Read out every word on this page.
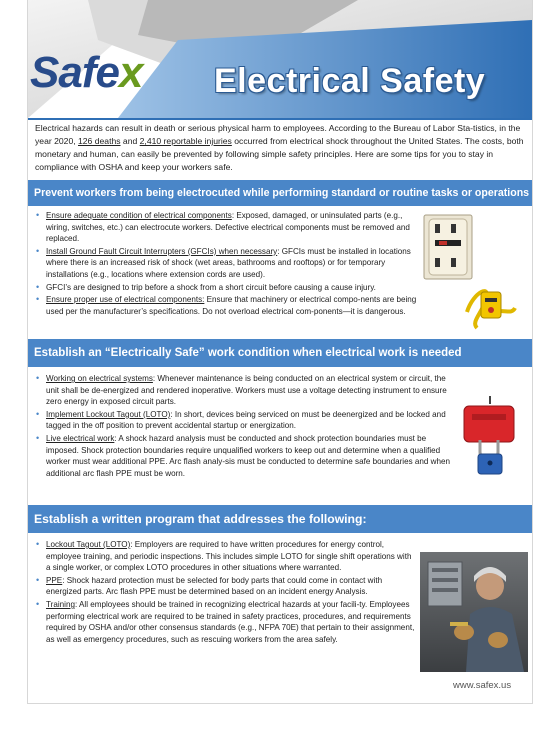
Safex Electrical Safety
Electrical hazards can result in death or serious physical harm to employees. According to the Bureau of Labor Sta-tistics, in the year 2020, 126 deaths and 2,410 reportable injuries occurred from electrical shock throughout the United States. The costs, both monetary and human, can easily be prevented by following simple safety principles. Here are some tips for you to stay in compliance with OSHA and keep your workers safe.
Prevent workers from being electrocuted while performing standard or routine tasks or operations
• Ensure adequate condition of electrical components: Exposed, damaged, or uninsulated parts (e.g., wiring, switches, etc.) can electrocute workers. Defective electrical components must be removed and replaced.
• Install Ground Fault Circuit Interrupters (GFCIs) when necessary: GFCIs must be installed in locations where there is an increased risk of shock (wet areas, bathrooms and rooftops) or for temporary installations (e.g., locations where extension cords are used).
• GFCI’s are designed to trip before a shock from a short circuit before causing a cause injury.
• Ensure proper use of electrical components: Ensure that machinery or electrical compo-nents are being used per the manufacturer’s specifications. Do not overload electrical com-ponents—it is dangerous.
Establish an “Electrically Safe” work condition when electrical work is needed
• Working on electrical systems: Whenever maintenance is being conducted on an electrical system or circuit, the unit shall be de-energized and rendered inoperative. Workers must use a voltage detecting instrument to ensure zero energy in exposed circuit parts.
• Implement Lockout Tagout (LOTO): In short, devices being serviced on must be deenergized and be locked and tagged in the off position to prevent accidental startup or energization.
• Live electrical work: A shock hazard analysis must be conducted and shock protection boundaries must be imposed. Shock protection boundaries require unqualified workers to keep out and determine when a qualified worker must wear additional PPE. Arc flash analy-sis must be conducted to determine safe boundaries and when additional arc flash PPE must be worn.
Establish a written program that addresses the following:
• Lockout Tagout (LOTO): Employers are required to have written procedures for energy control, employee training, and periodic inspections. This includes simple LOTO for single shift operations with a single worker, or complex LOTO procedures in other situations where warranted.
• PPE: Shock hazard protection must be selected for body parts that could come in contact with energized parts. Arc flash PPE must be determined based on an incident energy Analysis.
• Training: All employees should be trained in recognizing electrical hazards at your facili-ty. Employees performing electrical work are required to be trained in safety practices, procedures, and requirements required by OSHA and/or other consensus standards (e.g., NFPA 70E) that pertain to their assignment, as well as emergency procedures, such as rescuing workers from the area safely.
www.safex.us
